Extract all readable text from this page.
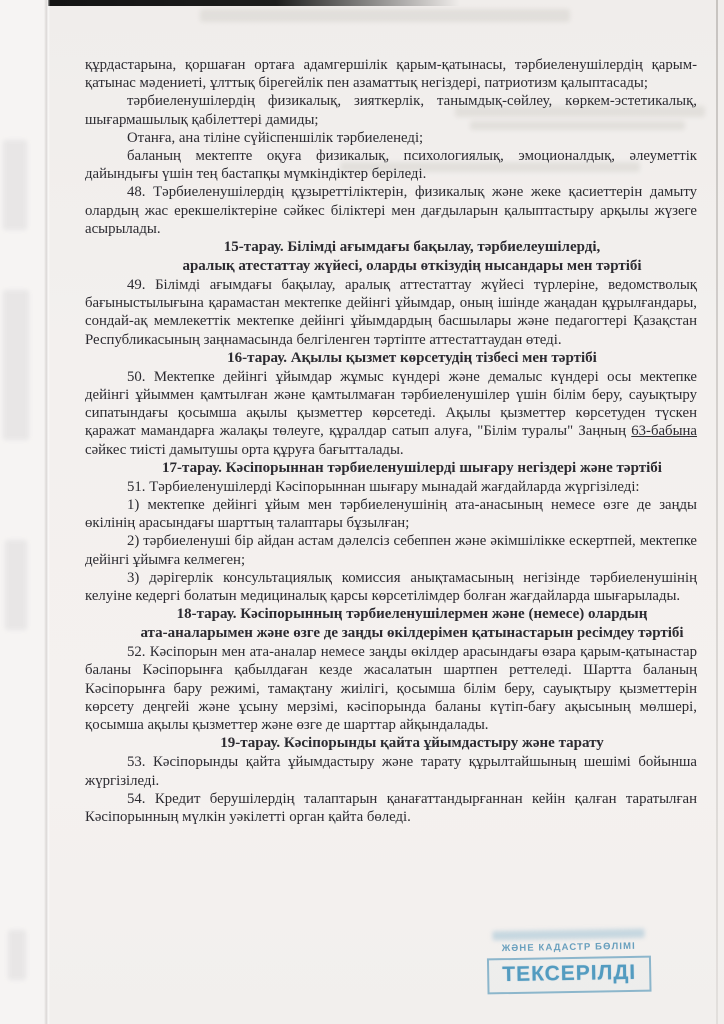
ЖӘНЕ КАДАСТР БӨЛІМІ
ТЕКСЕРІЛДІ

құрдастарына, қоршаған ортаға адамгершілік қарым-қатынасы, тәрбиеленушілердің қарым-қатынас мәдениеті, ұлттық бірегейлік пен азаматтық негіздері, патриотизм қалыптасады;

тәрбиеленушілердің физикалық, зияткерлік, танымдық-сөйлеу, көркем-эстетикалық, шығармашылық қабілеттері дамиды;

Отанға, ана тіліне сүйіспеншілік тәрбиеленеді;

баланың мектепте оқуға физикалық, психологиялық, эмоционалдық, әлеуметтік дайындығы үшін тең бастапқы мүмкіндіктер беріледі.

48. Тәрбиеленушілердің құзыреттіліктерін, физикалық және жеке қасиеттерін дамыту олардың жас ерекшеліктеріне сәйкес біліктері мен дағдыларын қалыптастыру арқылы жүзеге асырылады.

15-тарау. Білімді ағымдағы бақылау, тәрбиелеушілерді,

аралық атестаттау жүйесі, оларды өткізудің нысандары мен тәртібі

49. Білімді ағымдағы бақылау, аралық аттестаттау жүйесі түрлеріне, ведомстволық бағыныстылығына қарамастан мектепке дейінгі ұйымдар, оның ішінде жаңадан құрылғандары, сондай-ақ мемлекеттік мектепке дейінгі ұйымдардың басшылары және педагогтері Қазақстан Республикасының заңнамасында белгіленген тәртіпте аттестаттаудан өтеді.

16-тарау. Ақылы қызмет көрсетудің тізбесі мен тәртібі

50. Мектепке дейінгі ұйымдар жұмыс күндері және демалыс күндері осы мектепке дейінгі ұйыммен қамтылған және қамтылмаған тәрбиеленушілер үшін білім беру, сауықтыру сипатындағы қосымша ақылы қызметтер көрсетеді. Ақылы қызметтер көрсетуден түскен қаражат мамандарға жалақы төлеуге, құралдар сатып алуға, "Білім туралы" Заңның 63-бабына сәйкес тиісті дамытушы орта құруға бағытталады.

17-тарау. Кәсіпорыннан тәрбиеленушілерді шығару негіздері және тәртібі

51. Тәрбиеленушілерді Кәсіпорыннан шығару мынадай жағдайларда жүргізіледі:

1) мектепке дейінгі ұйым мен тәрбиеленушінің ата-анасының немесе өзге де заңды өкілінің арасындағы шарттың талаптары бұзылған;

2) тәрбиеленуші бір айдан астам дәлелсіз себеппен және әкімшілікке ескертпей, мектепке дейінгі ұйымға келмеген;

3) дәрігерлік консультациялық комиссия анықтамасының негізінде тәрбиеленушінің келуіне кедергі болатын медициналық қарсы көрсетілімдер болған жағдайларда шығарылады.

18-тарау. Кәсіпорынның тәрбиеленушілермен және (немесе) олардың

ата-аналарымен және өзге де заңды өкілдерімен қатынастарын ресімдеу тәртібі

52. Кәсіпорын мен ата-аналар немесе заңды өкілдер арасындағы өзара қарым-қатынастар баланы Кәсіпорынға қабылдаған кезде жасалатын шартпен реттеледі. Шартта баланың Кәсіпорынға бару режимі, тамақтану жиілігі, қосымша білім беру, сауықтыру қызметтерін көрсету деңгейі және ұсыну мерзімі, кәсіпорында баланы күтіп-бағу ақысының мөлшері, қосымша ақылы қызметтер және өзге де шарттар айқындалады.

19-тарау. Кәсіпорынды қайта ұйымдастыру және тарату

53. Кәсіпорынды қайта ұйымдастыру және тарату құрылтайшының шешімі бойынша жүргізіледі.

54. Кредит берушілердің талаптарын қанағаттандырғаннан кейін қалған таратылған Кәсіпорынның мүлкін уәкілетті орган қайта бөледі.
